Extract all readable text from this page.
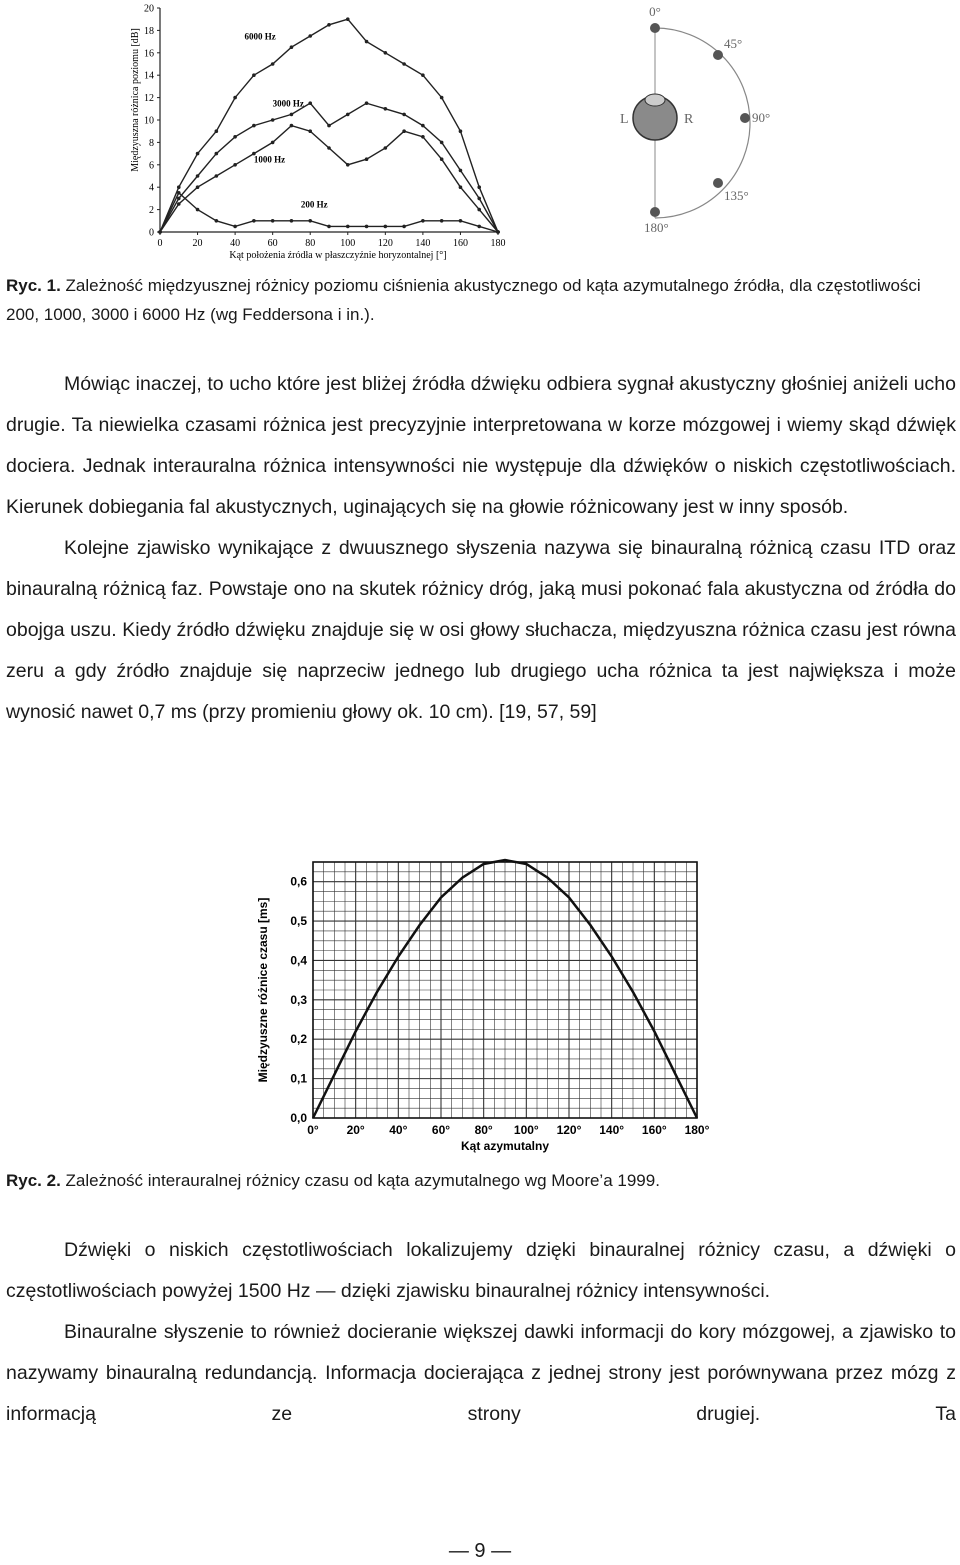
6000 Hz
3000 Hz
1000 Hz
200 Hz
0
2
4
6
8
10
12
14
16
18
20
0	20	40	60	80	100 120 140 160 180
Międzyuszna różnica poziomu [dB]
Kąt położenia źródła w płaszczyźnie horyzontalnej [°]
0°
45°
90°
135°
180°
L	R
Ryc. 1. Zależność międzyusznej różnicy poziomu ciśnienia akustycznego od kąta azymutalnego źródła, dla częstotliwości 200, 1000, 3000 i 6000 Hz (wg Feddersona i in.).

Mówiąc inaczej, to ucho które jest bliżej źródła dźwięku odbiera sygnał akustyczny głośniej aniżeli ucho drugie. Ta niewielka czasami różnica jest precyzyjnie interpretowana w korze mózgowej i wiemy skąd dźwięk dociera. Jednak interauralna różnica intensywności nie występuje dla dźwięków o niskich częstotliwościach. Kierunek dobiegania fal akustycznych, uginających się na głowie różnicowany jest w inny sposób.

Kolejne zjawisko wynikające z dwuusznego słyszenia nazywa się binauralną różnicą czasu ITD oraz binauralną różnicą faz. Powstaje ono na skutek różnicy dróg, jaką musi pokonać fala akustyczna od źródła do obojga uszu. Kiedy źródło dźwięku znajduje się w osi głowy słuchacza, międzyuszna różnica czasu jest równa zeru a gdy źródło znajduje się naprzeciw jednego lub drugiego ucha różnica ta jest największa i może wynosić nawet 0,7 ms (przy promieniu głowy ok. 10 cm). [19, 57, 59]

0,0
0,1
0,2
0,3
0,4
0,5
0,6
0° 20° 40° 60° 80° 100° 120° 140° 160° 180°
Międzyuszne różnice czasu [ms]
Kąt azymutalny
Ryc. 2. Zależność interauralnej różnicy czasu od kąta azymutalnego wg Moore’a 1999.

Dźwięki o niskich częstotliwościach lokalizujemy dzięki binauralnej różnicy czasu, a dźwięki o częstotliwościach powyżej 1500 Hz — dzięki zjawisku binauralnej różnicy intensywności.

Binauralne słyszenie to również docieranie większej dawki informacji do kory mózgowej, a zjawisko to nazywamy binauralną redundancją. Informacja docierająca z jednej strony jest porównywana przez mózg z informacją ze strony drugiej. Ta

— 9 —
